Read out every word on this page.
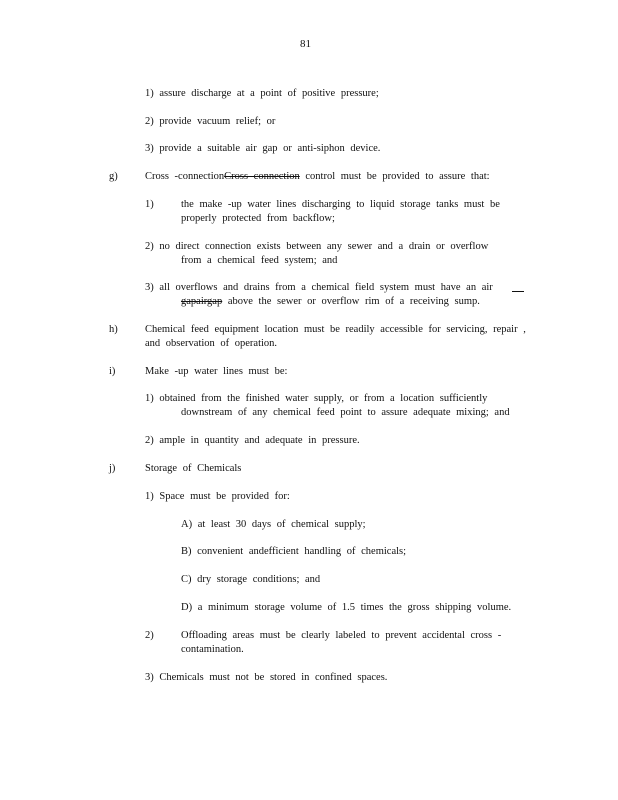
81
1) assure discharge at a point of positive pressure;
2) provide vacuum relief; or
3) provide a suitable air gap or anti-siphon device.
g)	Cross -connectionCross connection control must be provided to assure that:
1)	the make -up water lines discharging to liquid storage tanks must be
properly protected from backflow;
2) no direct connection exists between any sewer and a drain or overflow
from a chemical feed system; and
3) all overflows and drains from a chemical field system must have an air
gapairgap above the sewer or overflow rim of a receiving sump.
h)	Chemical feed equipment location must be readily accessible for servicing, repair ,
and observation of operation.
i)	Make -up water lines must be:
1) obtained from the finished water supply, or from a location sufficiently
downstream of any chemical feed point to assure adequate mixing; and
2) ample in quantity and adequate in pressure.
j)	Storage of Chemicals
1) Space must be provided for:
A) at least 30 days of chemical supply;
B) convenient andefficient handling of chemicals;
C) dry storage conditions; and
D) a minimum storage volume of 1.5 times the gross shipping volume.
2)	Offloading areas must be clearly labeled to prevent accidental cross -
contamination.
3) Chemicals must not be stored in confined spaces.
